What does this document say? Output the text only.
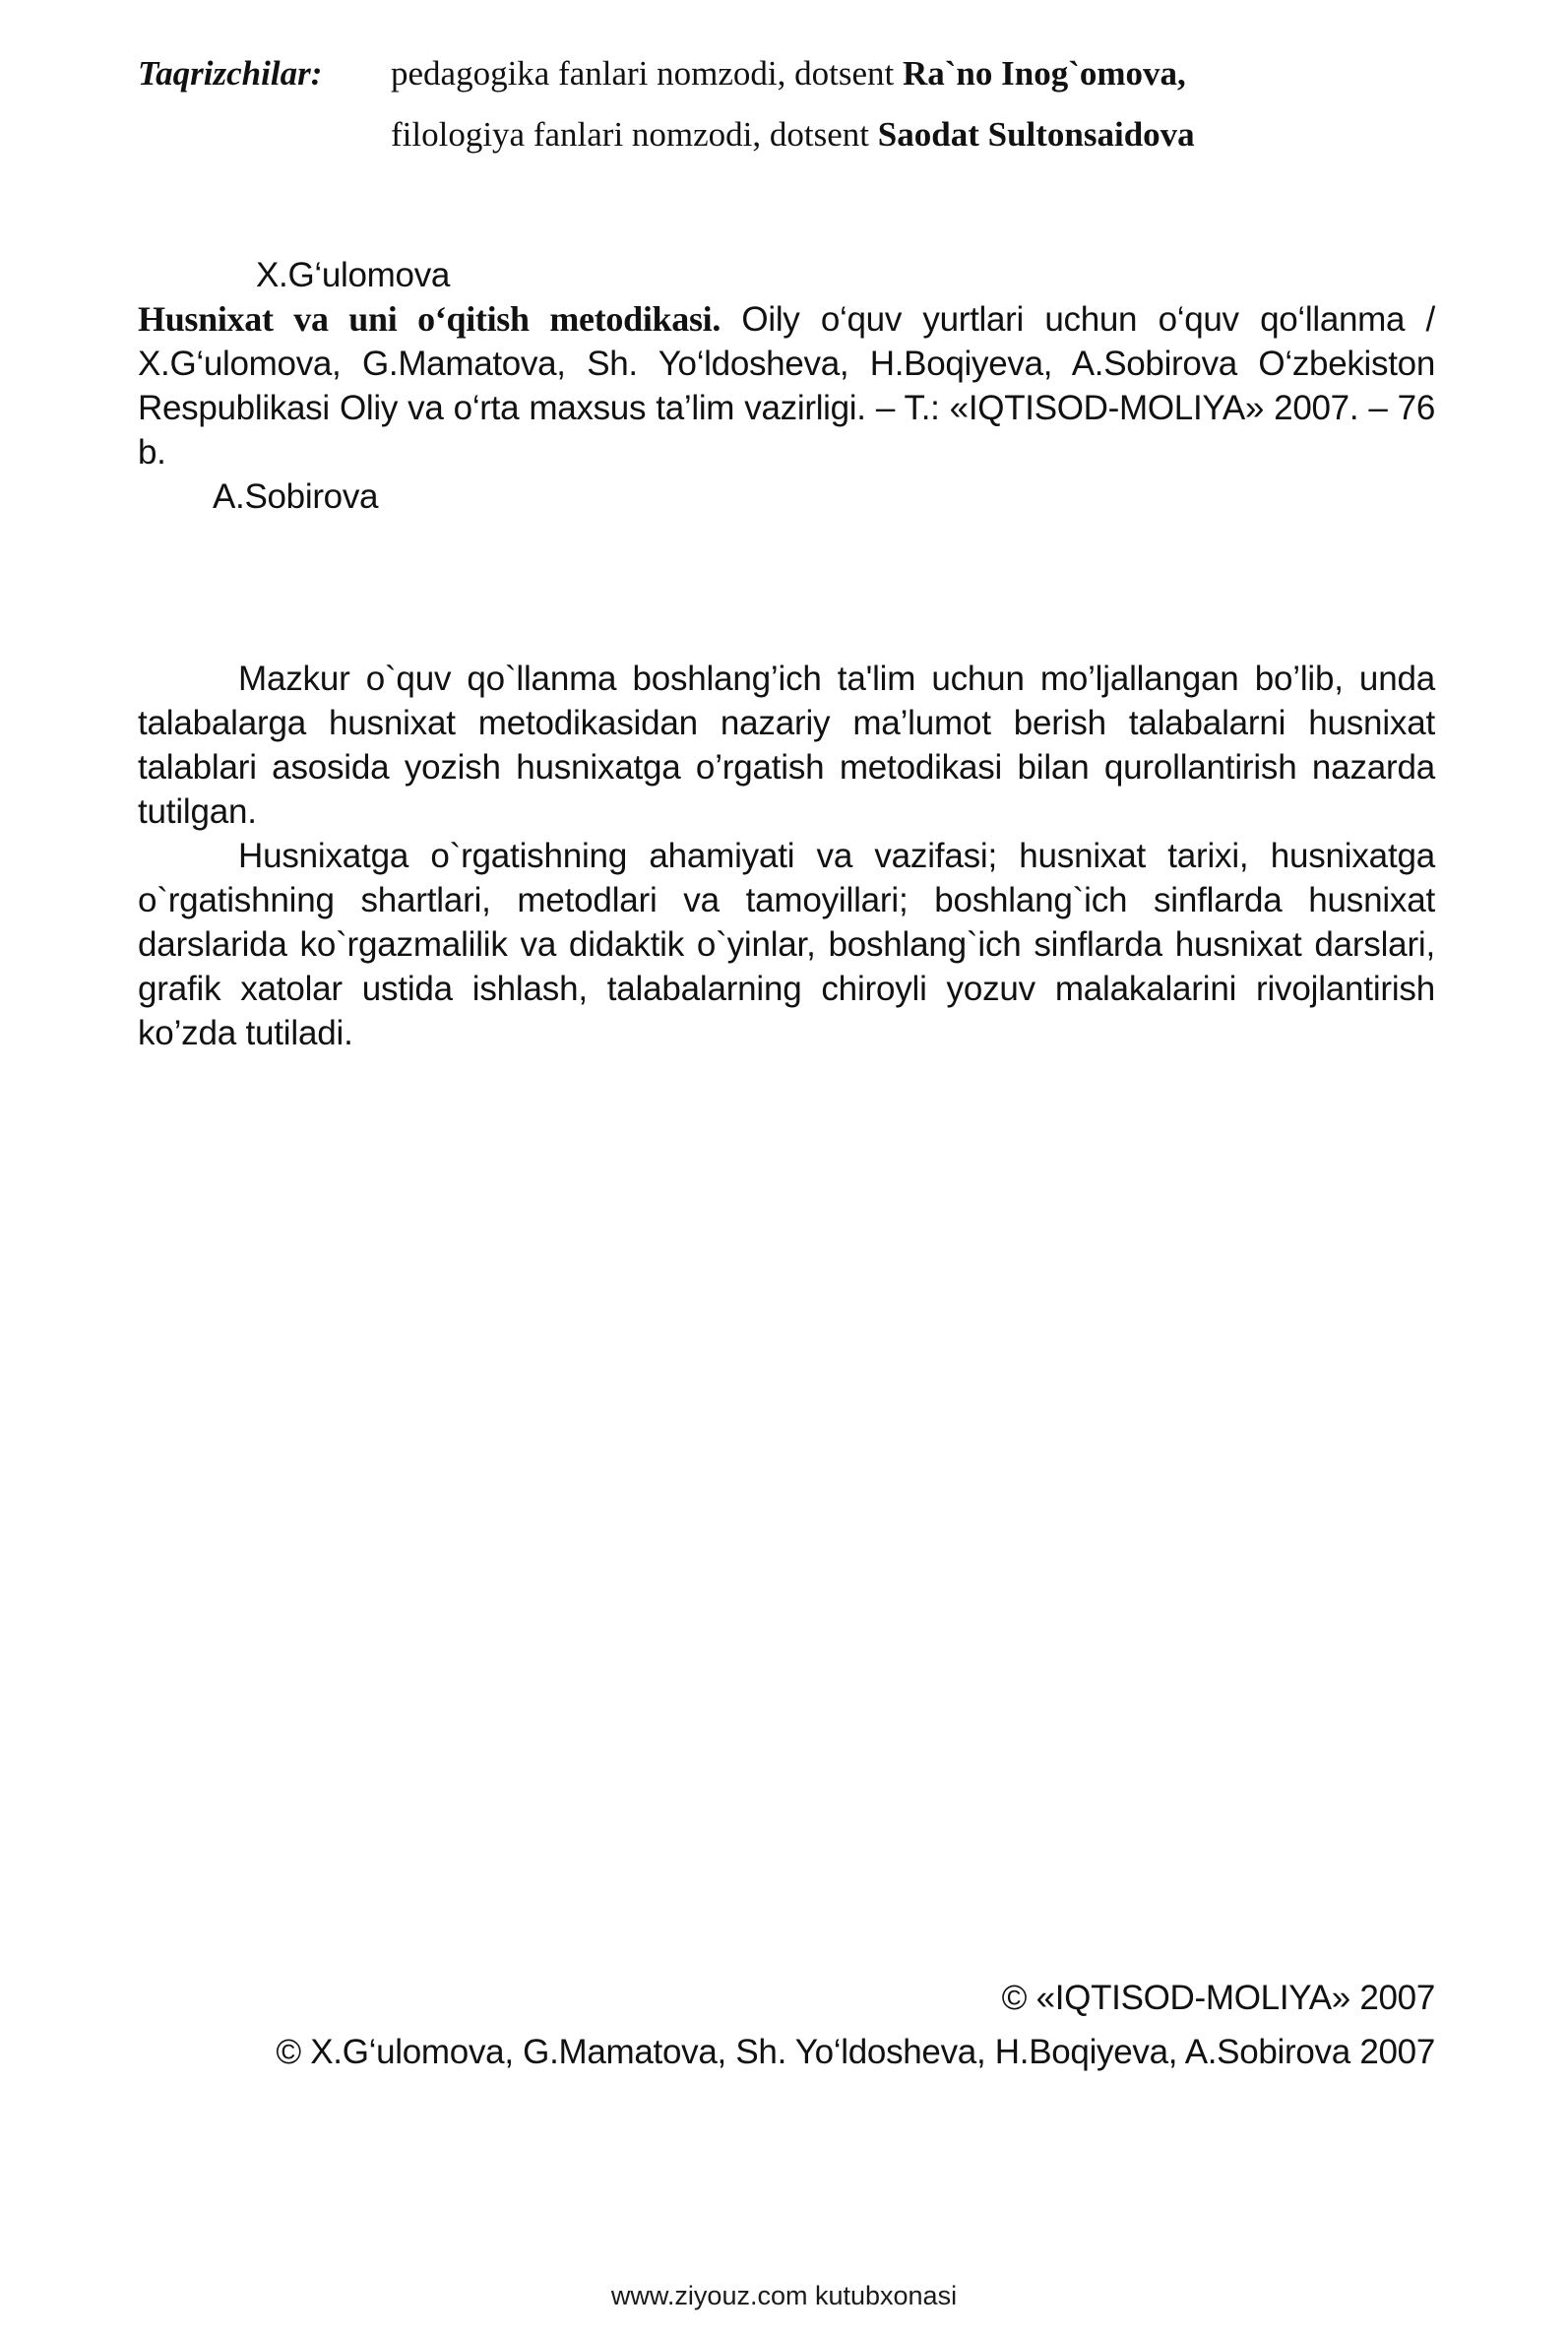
Taqrizchilar: pedagogika fanlari nomzodi, dotsent Ra`no Inog`omova,
filologiya fanlari nomzodi, dotsent Saodat Sultonsaidova
X.G‘ulomova
Husnixat va uni o‘qitish metodikasi. Oily o‘quv yurtlari uchun o‘quv qo‘llanma / X.G‘ulomova, G.Mamatova, Sh. Yo‘ldosheva, H.Boqiyeva, A.Sobirova O‘zbekiston Respublikasi Oliy va o‘rta maxsus ta’lim vazirligi. – T.: «IQTISOD-MOLIYA» 2007. – 76 b.
A.Sobirova

Mazkur o`quv qo`llanma boshlang’ich ta'lim uchun mo’ljallangan bo’lib, unda talabalarga husnixat metodikasidan nazariy ma’lumot berish talabalarni husnixat talablari asosida yozish husnixatga o’rgatish metodikasi bilan qurollantirish nazarda tutilgan.

Husnixatga o`rgatishning ahamiyati va vazifasi; husnixat tarixi, husnixatga o`rgatishning shartlari, metodlari va tamoyillari; boshlang`ich sinflarda husnixat darslarida ko`rgazmalilik va didaktik o`yinlar, boshlang`ich sinflarda husnixat darslari, grafik xatolar ustida ishlash, talabalarning chiroyli yozuv malakalarini rivojlantirish ko’zda tutiladi.

© «IQTISOD-MOLIYA» 2007
© X.G‘ulomova, G.Mamatova, Sh. Yo‘ldosheva, H.Boqiyeva, A.Sobirova 2007
www.ziyouz.com kutubxonasi
